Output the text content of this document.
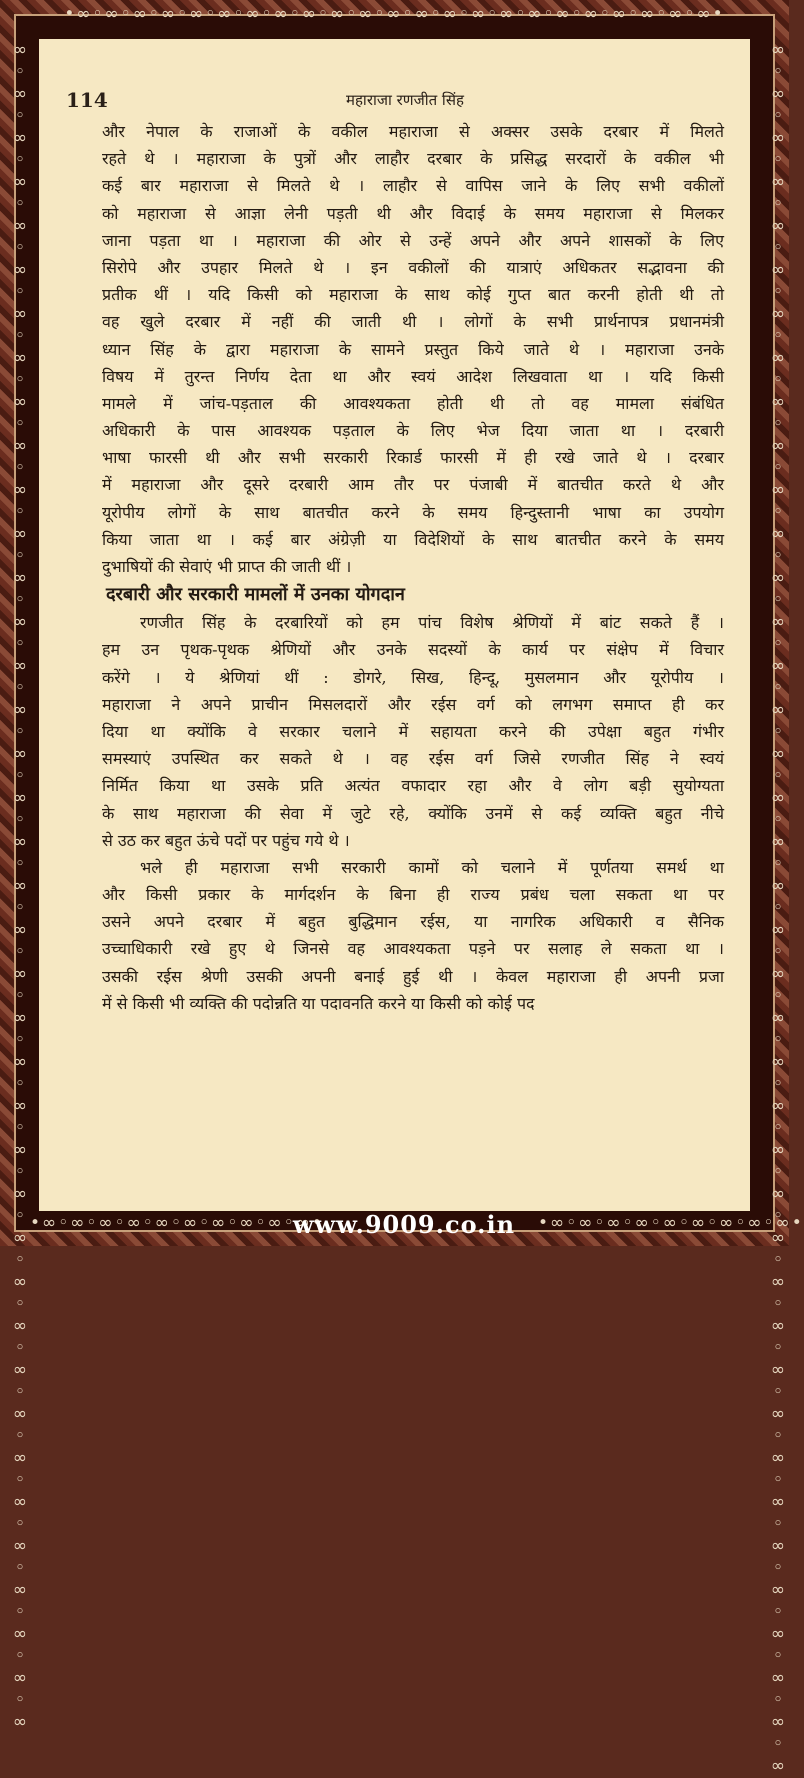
•∞◦∞◦∞◦∞◦∞◦∞◦∞◦∞◦∞◦∞◦∞◦∞◦∞◦∞◦∞◦∞◦∞◦∞◦∞◦∞◦∞◦∞◦∞•
∞◦∞◦∞◦∞◦∞◦∞◦∞◦∞◦∞◦∞◦∞◦∞◦∞◦∞◦∞◦∞◦∞◦∞◦∞◦∞◦∞◦∞◦∞◦∞◦∞◦∞◦∞◦∞◦∞◦∞◦∞◦∞◦∞◦∞◦∞◦∞◦∞◦∞◦∞	∞◦∞◦∞◦∞◦∞◦∞◦∞◦∞◦∞◦∞◦∞◦∞◦∞◦∞◦∞◦∞◦∞◦∞◦∞◦∞◦∞◦∞◦∞◦∞◦∞◦∞◦∞◦∞◦∞◦∞◦∞◦∞◦∞◦∞◦∞◦∞◦∞◦∞◦∞◦∞
•∞◦∞◦∞◦∞◦∞◦∞◦∞◦∞◦∞◦∞•	•∞◦∞◦∞◦∞◦∞◦∞◦∞◦∞◦∞•
114	महाराजा रणजीत सिंह
और नेपाल के राजाओं के वकील महाराजा से अक्सर उसके दरबार में मिलते
रहते थे । महाराजा के पुत्रों और लाहौर दरबार के प्रसिद्ध सरदारों के वकील भी
कई बार महाराजा से मिलते थे । लाहौर से वापिस जाने के लिए सभी वकीलों
को महाराजा से आज्ञा लेनी पड़ती थी और विदाई के समय महाराजा से मिलकर
जाना पड़ता था । महाराजा की ओर से उन्हें अपने और अपने शासकों के लिए
सिरोपे और उपहार मिलते थे । इन वकीलों की यात्राएं अधिकतर सद्भावना की
प्रतीक थीं । यदि किसी को महाराजा के साथ कोई गुप्त बात करनी होती थी तो
वह खुले दरबार में नहीं की जाती थी । लोगों के सभी प्रार्थनापत्र प्रधानमंत्री
ध्यान सिंह के द्वारा महाराजा के सामने प्रस्तुत किये जाते थे । महाराजा उनके
विषय में तुरन्त निर्णय देता था और स्वयं आदेश लिखवाता था । यदि किसी
मामले में जांच-पड़ताल की आवश्यकता होती थी तो वह मामला संबंधित
अधिकारी के पास आवश्यक पड़ताल के लिए भेज दिया जाता था । दरबारी
भाषा फारसी थी और सभी सरकारी रिकार्ड फारसी में ही रखे जाते थे । दरबार
में महाराजा और दूसरे दरबारी आम तौर पर पंजाबी में बातचीत करते थे और
यूरोपीय लोगों के साथ बातचीत करने के समय हिन्दुस्तानी भाषा का उपयोग
किया जाता था । कई बार अंग्रेज़ी या विदेशियों के साथ बातचीत करने के समय
दुभाषियों की सेवाएं भी प्राप्त की जाती थीं ।
दरबारी और सरकारी मामलों में उनका योगदान
रणजीत सिंह के दरबारियों को हम पांच विशेष श्रेणियों में बांट सकते हैं ।
हम उन पृथक-पृथक श्रेणियों और उनके सदस्यों के कार्य पर संक्षेप में विचार
करेंगे । ये श्रेणियां थीं : डोगरे, सिख, हिन्दू, मुसलमान और यूरोपीय ।
महाराजा ने अपने प्राचीन मिसलदारों और रईस वर्ग को लगभग समाप्त ही कर
दिया था क्योंकि वे सरकार चलाने में सहायता करने की उपेक्षा बहुत गंभीर
समस्याएं उपस्थित कर सकते थे । वह रईस वर्ग जिसे रणजीत सिंह ने स्वयं
निर्मित किया था उसके प्रति अत्यंत वफादार रहा और वे लोग बड़ी सुयोग्यता
के साथ महाराजा की सेवा में जुटे रहे, क्योंकि उनमें से कई व्यक्ति बहुत नीचे
से उठ कर बहुत ऊंचे पदों पर पहुंच गये थे ।
भले ही महाराजा सभी सरकारी कामों को चलाने में पूर्णतया समर्थ था
और किसी प्रकार के मार्गदर्शन के बिना ही राज्य प्रबंध चला सकता था पर
उसने अपने दरबार में बहुत बुद्धिमान रईस, या नागरिक अधिकारी व सैनिक
उच्चाधिकारी रखे हुए थे जिनसे वह आवश्यकता पड़ने पर सलाह ले सकता था ।
उसकी रईस श्रेणी उसकी अपनी बनाई हुई थी । केवल महाराजा ही अपनी प्रजा
में से किसी भी व्यक्ति की पदोन्नति या पदावनति करने या किसी को कोई पद
www.9009.co.in
